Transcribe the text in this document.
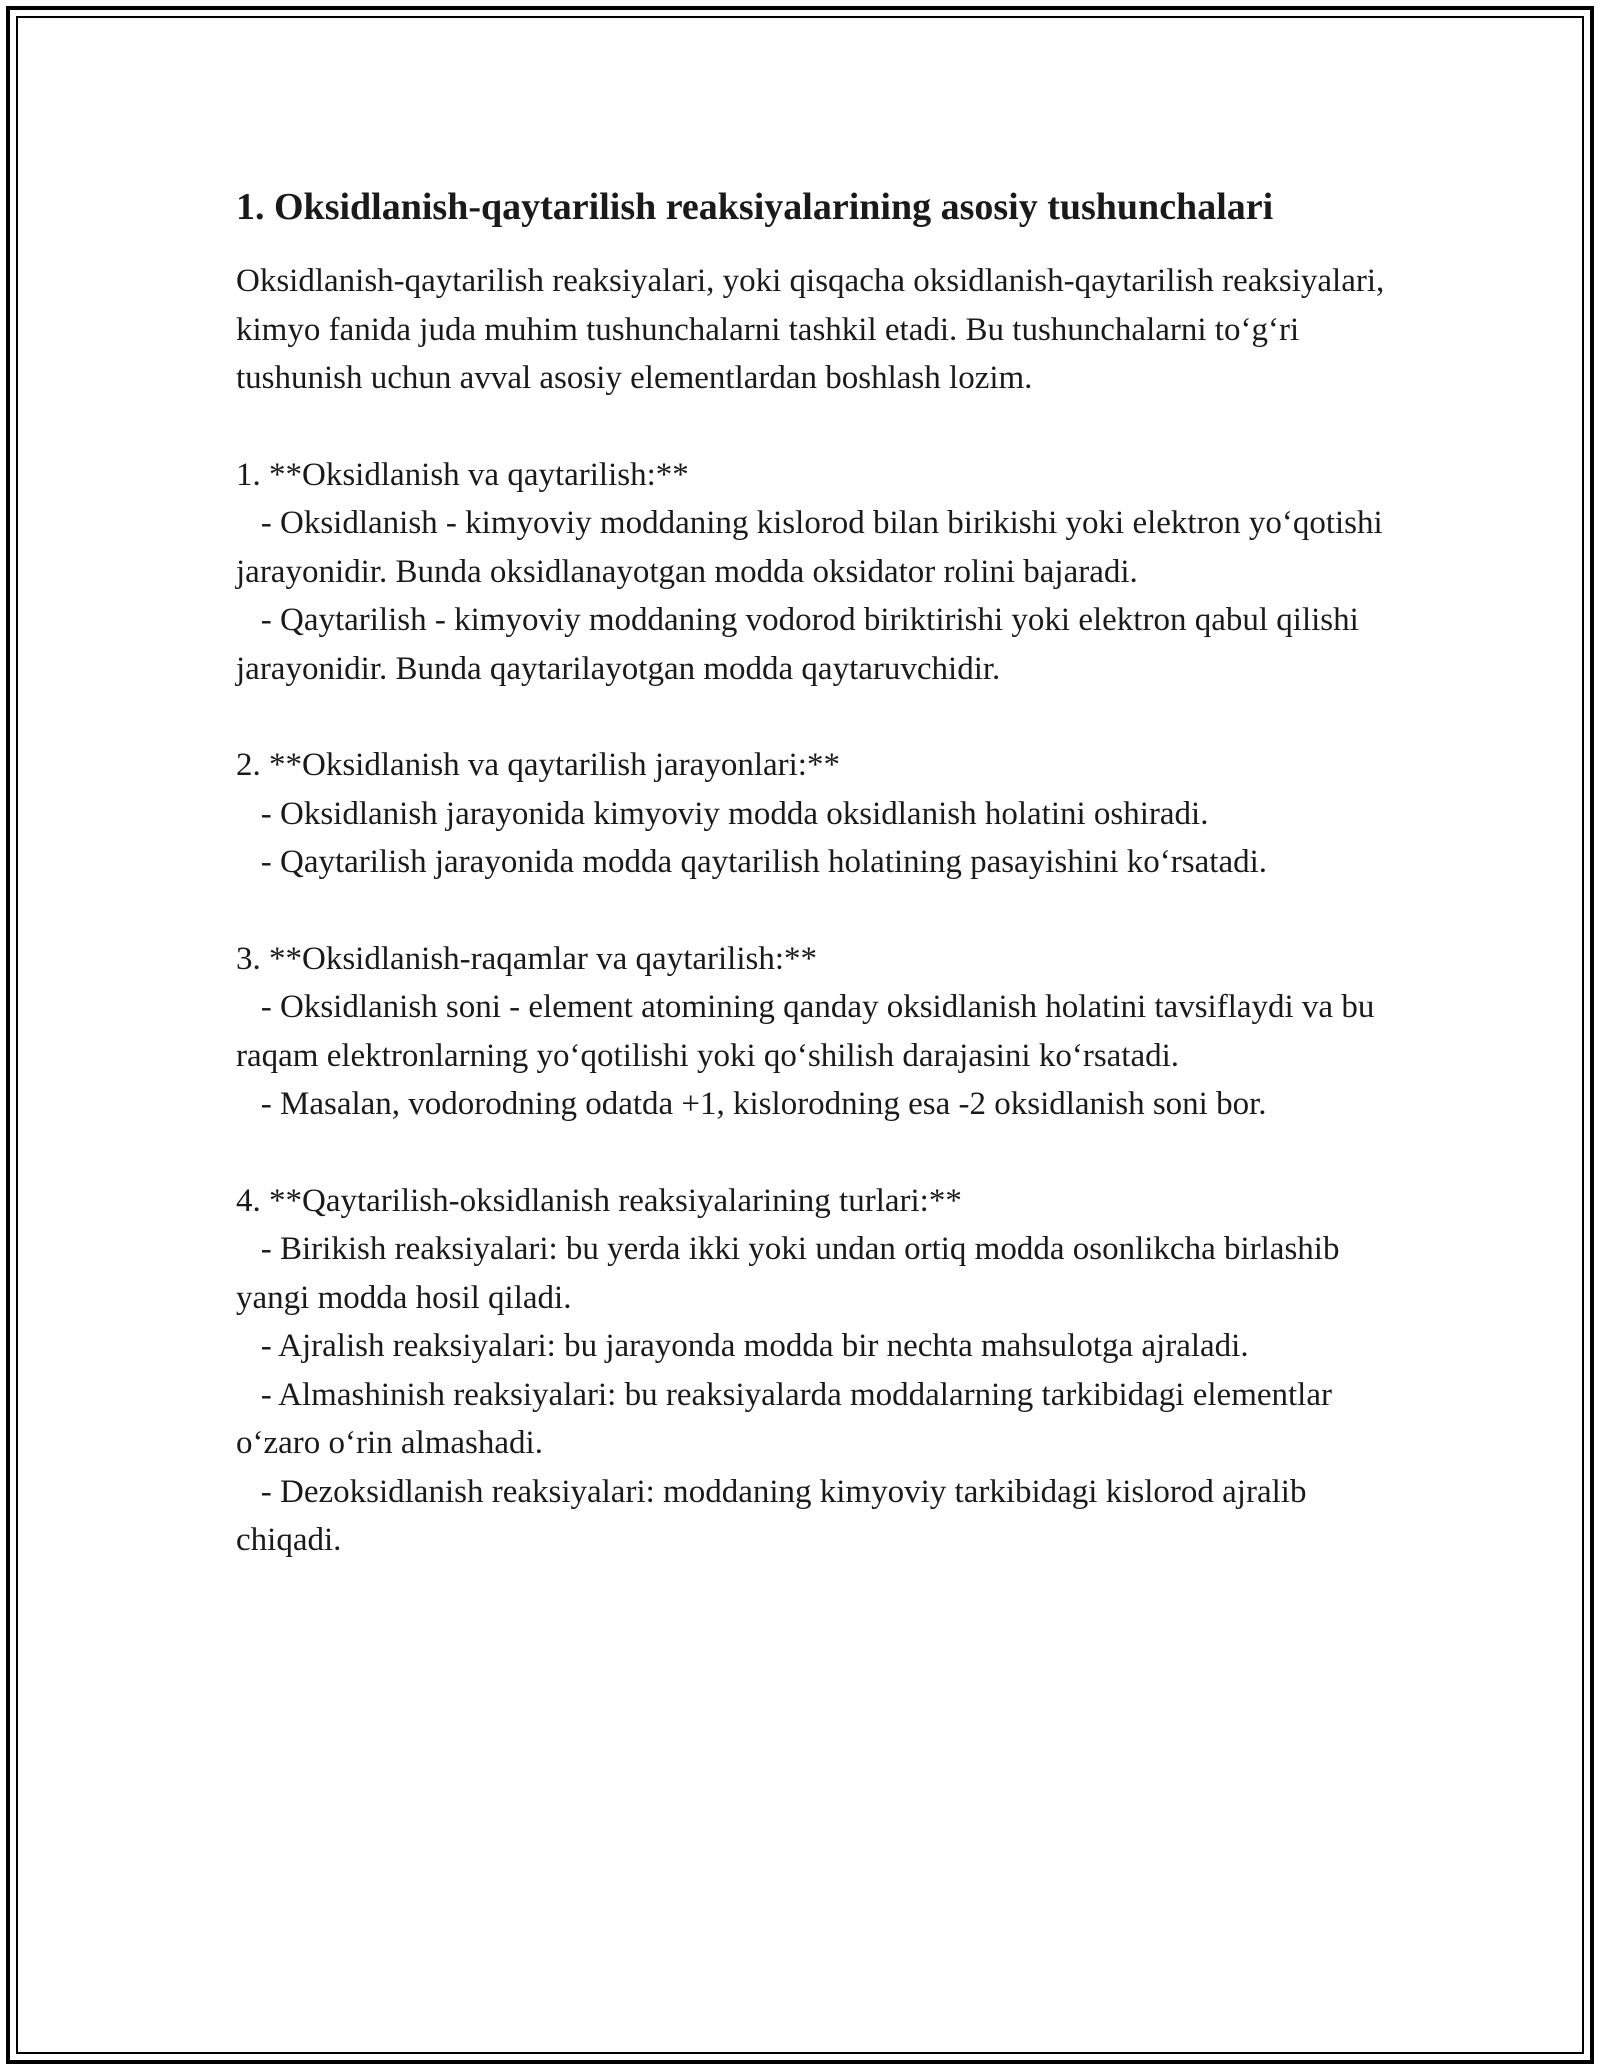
1. Oksidlanish-qaytarilish reaksiyalarining asosiy tushunchalari

Oksidlanish-qaytarilish reaksiyalari, yoki qisqacha oksidlanish-qaytarilish reaksiyalari, kimyo fanida juda muhim tushunchalarni tashkil etadi. Bu tushunchalarni to‘g‘ri tushunish uchun avval asosiy elementlardan boshlash lozim.

1. **Oksidlanish va qaytarilish:**
- Oksidlanish - kimyoviy moddaning kislorod bilan birikishi yoki elektron yo‘qotishi jarayonidir. Bunda oksidlanayotgan modda oksidator rolini bajaradi.
- Qaytarilish - kimyoviy moddaning vodorod biriktirishi yoki elektron qabul qilishi jarayonidir. Bunda qaytarilayotgan modda qaytaruvchidir.
2. **Oksidlanish va qaytarilish jarayonlari:**
- Oksidlanish jarayonida kimyoviy modda oksidlanish holatini oshiradi.
- Qaytarilish jarayonida modda qaytarilish holatining pasayishini ko‘rsatadi.
3. **Oksidlanish-raqamlar va qaytarilish:**
- Oksidlanish soni - element atomining qanday oksidlanish holatini tavsiflaydi va bu raqam elektronlarning yo‘qotilishi yoki qo‘shilish darajasini ko‘rsatadi.
- Masalan, vodorodning odatda +1, kislorodning esa -2 oksidlanish soni bor.
4. **Qaytarilish-oksidlanish reaksiyalarining turlari:**
- Birikish reaksiyalari: bu yerda ikki yoki undan ortiq modda osonlikcha birlashib yangi modda hosil qiladi.
- Ajralish reaksiyalari: bu jarayonda modda bir nechta mahsulotga ajraladi.
- Almashinish reaksiyalari: bu reaksiyalarda moddalarning tarkibidagi elementlar o‘zaro o‘rin almashadi.
- Dezoksidlanish reaksiyalari: moddaning kimyoviy tarkibidagi kislorod ajralib chiqadi.
